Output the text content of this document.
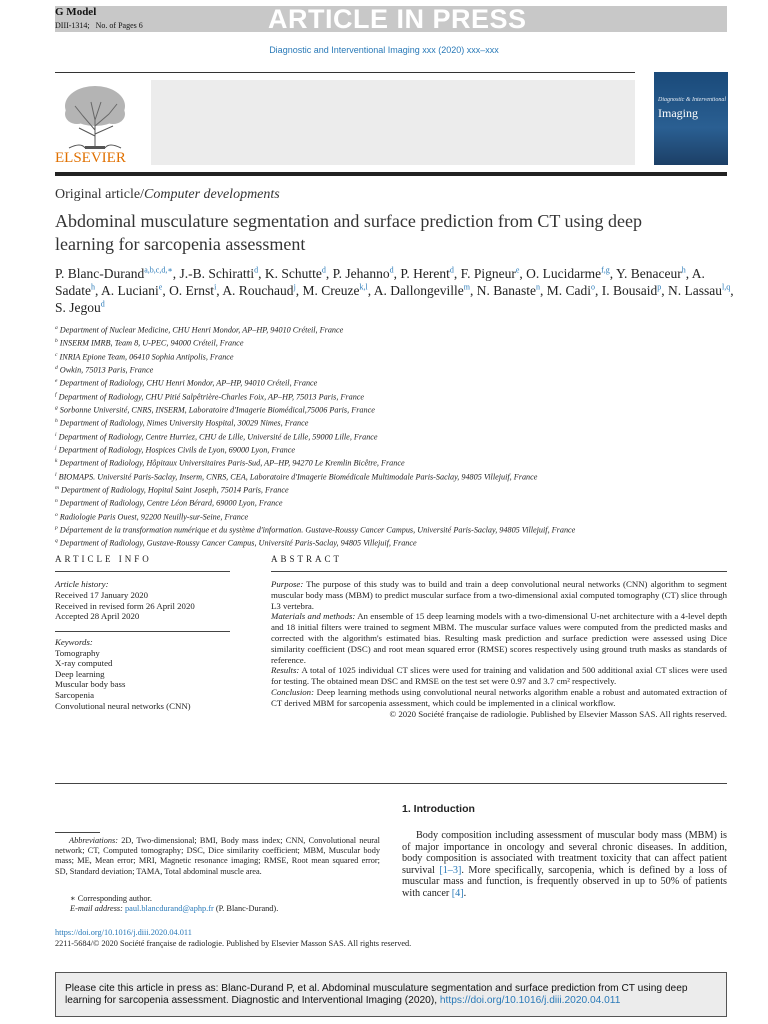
G Model
DIII-1314; No. of Pages 6	ARTICLE IN PRESS
Diagnostic and Interventional Imaging xxx (2020) xxx–xxx
ELSEVIER
Diagnostic & Interventional
Imaging
Original article/Computer developments
Abdominal musculature segmentation and surface prediction from CT using deep learning for sarcopenia assessment
P. Blanc-Durand$^{a,b,c,d,∗}$, J.-B. Schiratti$^d$, K. Schutte$^d$, P. Jehanno$^d$, P. Herent$^d$, F. Pigneur$^e$, O. Lucidarme$^{f,g}$, Y. Benaceur$^h$, A. Sadate$^h$, A. Luciani$^e$, O. Ernst$^i$, A. Rouchaud$^j$, M. Creuze$^{k,l}$, A. Dallongeville$^m$, N. Banaste$^n$, M. Cadi$^o$, I. Bousaid$^p$, N. Lassau$^{l,q}$, S. Jegou$^d$
$^a$ Department of Nuclear Medicine, CHU Henri Mondor, AP–HP, 94010 Créteil, France
$^b$ INSERM IMRB, Team 8, U-PEC, 94000 Créteil, France
$^c$ INRIA Epione Team, 06410 Sophia Antipolis, France
$^d$ Owkin, 75013 Paris, France
$^e$ Department of Radiology, CHU Henri Mondor, AP–HP, 94010 Créteil, France
$^f$ Department of Radiology, CHU Pitié Salpêtrière-Charles Foix, AP–HP, 75013 Paris, France
$^g$ Sorbonne Université, CNRS, INSERM, Laboratoire d'Imagerie Biomédical,75006 Paris, France
$^h$ Department of Radiology, Nimes University Hospital, 30029 Nimes, France
$^i$ Department of Radiology, Centre Hurriez, CHU de Lille, Université de Lille, 59000 Lille, France
$^j$ Department of Radiology, Hospices Civils de Lyon, 69000 Lyon, France
$^k$ Department of Radiology, Hôpitaux Universitaires Paris-Sud, AP–HP, 94270 Le Kremlin Bicêtre, France
$^l$ BIOMAPS. Université Paris-Saclay, Inserm, CNRS, CEA, Laboratoire d'Imagerie Biomédicale Multimodale Paris-Saclay, 94805 Villejuif, France
$^m$ Department of Radiology, Hopital Saint Joseph, 75014 Paris, France
$^n$ Department of Radiology, Centre Léon Bérard, 69000 Lyon, France
$^o$ Radiologie Paris Ouest, 92200 Neuilly-sur-Seine, France
$^p$ Département de la transformation numérique et du système d'information. Gustave-Roussy Cancer Campus, Université Paris-Saclay, 94805 Villejuif, France
$^q$ Department of Radiology, Gustave-Roussy Cancer Campus, Université Paris-Saclay, 94805 Villejuif, France
ARTICLE INFO
Article history:
Received 17 January 2020
Received in revised form 26 April 2020
Accepted 28 April 2020
Keywords:
Tomography
X-ray computed
Deep learning
Muscular body bass
Sarcopenia
Convolutional neural networks (CNN)
ABSTRACT

Purpose: The purpose of this study was to build and train a deep convolutional neural networks (CNN) algorithm to segment muscular body mass (MBM) to predict muscular surface from a two-dimensional axial computed tomography (CT) slice through L3 vertebra.

Materials and methods: An ensemble of 15 deep learning models with a two-dimensional U-net architecture with a 4-level depth and 18 initial filters were trained to segment MBM. The muscular surface values were computed from the predicted masks and corrected with the algorithm's estimated bias. Resulting mask prediction and surface prediction were assessed using Dice similarity coefficient (DSC) and root mean squared error (RMSE) scores respectively using ground truth masks as standards of reference.

Results: A total of 1025 individual CT slices were used for training and validation and 500 additional axial CT slices were used for testing. The obtained mean DSC and RMSE on the test set were 0.97 and 3.7 cm² respectively.

Conclusion: Deep learning methods using convolutional neural networks algorithm enable a robust and automated extraction of CT derived MBM for sarcopenia assessment, which could be implemented in a clinical workflow.

© 2020 Société française de radiologie. Published by Elsevier Masson SAS. All rights reserved.

1. Introduction
Body composition including assessment of muscular body mass (MBM) is of major importance in oncology and several chronic diseases. In addition, body composition is associated with treatment toxicity that can affect patient survival [1–3]. More specifically, sarcopenia, which is defined by a loss of muscular mass and function, is frequently observed in up to 50% of patients with cancer [4].
Abbreviations: 2D, Two-dimensional; BMI, Body mass index; CNN, Convolutional neural network; CT, Computed tomography; DSC, Dice similarity coefficient; MBM, Muscular body mass; ME, Mean error; MRI, Magnetic resonance imaging; RMSE, Root mean squared error; SD, Standard deviation; TAMA, Total abdominal muscle area.
∗ Corresponding author.
E-mail address: paul.blancdurand@aphp.fr (P. Blanc-Durand).
https://doi.org/10.1016/j.diii.2020.04.011
2211-5684/© 2020 Société française de radiologie. Published by Elsevier Masson SAS. All rights reserved.
Please cite this article in press as: Blanc-Durand P, et al. Abdominal musculature segmentation and surface prediction from CT using deep learning for sarcopenia assessment. Diagnostic and Interventional Imaging (2020), https://doi.org/10.1016/j.diii.2020.04.011
